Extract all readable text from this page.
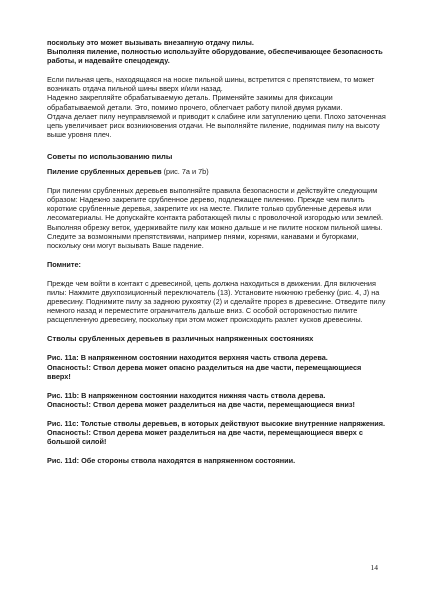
поскольку это может вызывать внезапную отдачу пилы.

Выполняя пиление, полностью используйте оборудование, обеспечивающее безопасность работы, и надевайте спецодежду.

Если пильная цепь, находящаяся на носке пильной шины, встретится с препятствием, то может возникать отдача пильной шины вверх и/или назад.

Надежно закрепляйте обрабатываемую деталь. Применяйте зажимы для фиксации обрабатываемой детали. Это, помимо прочего, облегчает работу пилой двумя руками.

Отдача делает пилу неуправляемой и приводит к слабине или затуплению цепи. Плохо заточенная цепь увеличивает риск возникновения отдачи. Не выполняйте пиление, поднимая пилу на высоту выше уровня плеч.

Советы по использованию пилы

Пиление срубленных деревьев (рис. 7a и 7b)

При пилении срубленных деревьев выполняйте правила безопасности и действуйте следующим образом: Надежно закрепите срубленное дерево, подлежащее пилению. Прежде чем пилить короткие срубленные деревья, закрепите их на месте. Пилите только срубленные деревья или лесоматериалы. Не допускайте контакта работающей пилы с проволочной изгородью или землей. Выполняя обрезку веток, удерживайте пилу как можно дальше и не пилите носком пильной шины. Следите за возможными препятствиями, например пнями, корнями, канавами и бугорками, поскольку они могут вызывать Ваше падение.

Помните:

Прежде чем войти в контакт с древесиной, цепь должна находиться в движении. Для включения пилы: Нажмите двухпозиционный переключатель (13). Установите нижнюю гребенку (рис. 4, J) на древесину. Поднимите пилу за заднюю рукоятку (2) и сделайте прорез в древесине. Отведите пилу немного назад и переместите ограничитель дальше вниз. С особой осторожностью пилите расщепленную древесину, поскольку при этом может происходить разлет кусков древесины.

Стволы срубленных деревьев в различных напряженных состояниях

Рис. 11a: В напряженном состоянии находится верхняя часть ствола дерева.

Опасность!: Ствол дерева может опасно разделиться на две части, перемещающиеся вверх!

Рис. 11b: В напряженном состоянии находится нижняя часть ствола дерева.

Опасность!: Ствол дерева может разделиться на две части, перемещающиеся вниз!

Рис. 11c: Толстые стволы деревьев, в которых действуют высокие внутренние напряжения.

Опасность!: Ствол дерева может разделиться на две части, перемещающиеся вверх с большой силой!

Рис. 11d: Обе стороны ствола находятся в напряженном состоянии.

14
